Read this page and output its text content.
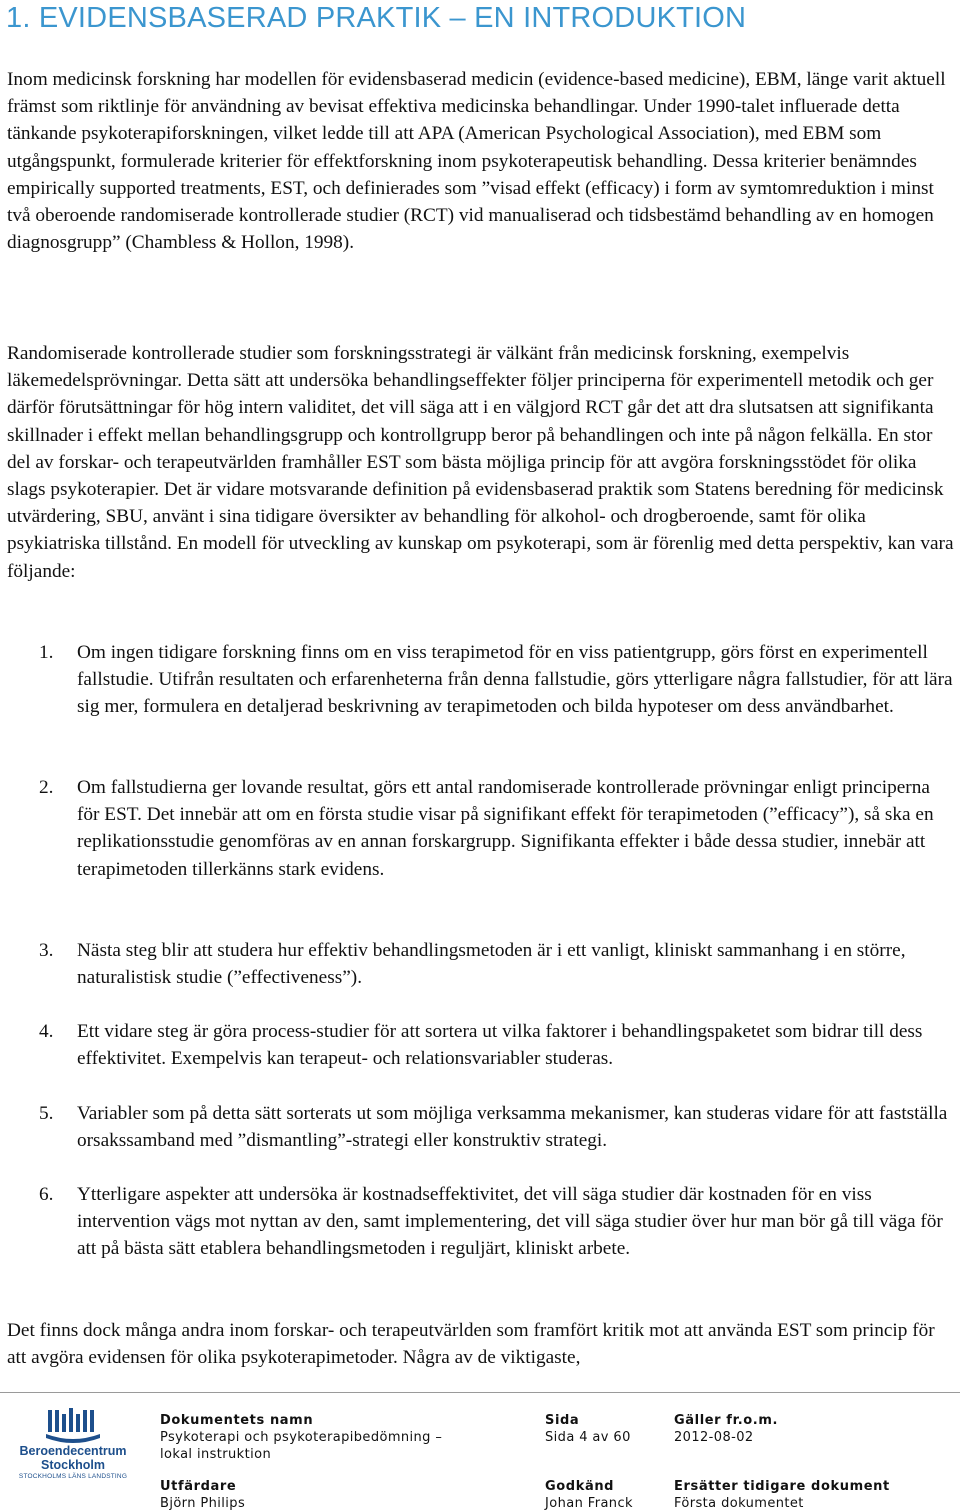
1. EVIDENSBASERAD PRAKTIK – EN INTRODUKTION
Inom medicinsk forskning har modellen för evidensbaserad medicin (evidence-based medicine), EBM, länge varit aktuell främst som riktlinje för användning av bevisat effektiva medicinska behandlingar. Under 1990-talet influerade detta tänkande psykoterapiforskningen, vilket ledde till att APA (American Psychological Association), med EBM som utgångspunkt, formulerade kriterier för effektforskning inom psykoterapeutisk behandling. Dessa kriterier benämndes empirically supported treatments, EST, och definierades som ”visad effekt (efficacy) i form av symtomreduktion i minst två oberoende randomiserade kontrollerade studier (RCT) vid manualiserad och tidsbestämd behandling av en homogen diagnosgrupp” (Chambless & Hollon, 1998).
Randomiserade kontrollerade studier som forskningsstrategi är välkänt från medicinsk forskning, exempelvis läkemedelsprövningar. Detta sätt att undersöka behandlingseffekter följer principerna för experimentell metodik och ger därför förutsättningar för hög intern validitet, det vill säga att i en välgjord RCT går det att dra slutsatsen att signifikanta skillnader i effekt mellan behandlingsgrupp och kontrollgrupp beror på behandlingen och inte på någon felkälla. En stor del av forskar- och terapeutvärlden framhåller EST som bästa möjliga princip för att avgöra forskningsstödet för olika slags psykoterapier. Det är vidare motsvarande definition på evidensbaserad praktik som Statens beredning för medicinsk utvärdering, SBU, använt i sina tidigare översikter av behandling för alkohol- och drogberoende, samt för olika psykiatriska tillstånd. En modell för utveckling av kunskap om psykoterapi, som är förenlig med detta perspektiv, kan vara följande:
1. Om ingen tidigare forskning finns om en viss terapimetod för en viss patientgrupp, görs först en experimentell fallstudie. Utifrån resultaten och erfarenheterna från denna fallstudie, görs ytterligare några fallstudier, för att lära sig mer, formulera en detaljerad beskrivning av terapimetoden och bilda hypoteser om dess användbarhet.
2. Om fallstudierna ger lovande resultat, görs ett antal randomiserade kontrollerade prövningar enligt principerna för EST. Det innebär att om en första studie visar på signifikant effekt för terapimetoden (”efficacy”), så ska en replikationsstudie genomföras av en annan forskargrupp. Signifikanta effekter i både dessa studier, innebär att terapimetoden tillerkänns stark evidens.
3. Nästa steg blir att studera hur effektiv behandlingsmetoden är i ett vanligt, kliniskt sammanhang i en större, naturalistisk studie (”effectiveness”).
4. Ett vidare steg är göra process-studier för att sortera ut vilka faktorer i behandlingspaketet som bidrar till dess effektivitet. Exempelvis kan terapeut- och relationsvariabler studeras.
5. Variabler som på detta sätt sorterats ut som möjliga verksamma mekanismer, kan studeras vidare för att fastställa orsakssamband med ”dismantling”-strategi eller konstruktiv strategi.
6. Ytterligare aspekter att undersöka är kostnadseffektivitet, det vill säga studier där kostnaden för en viss intervention vägs mot nyttan av den, samt implementering, det vill säga studier över hur man bör gå till väga för att på bästa sätt etablera behandlingsmetoden i reguljärt, kliniskt arbete.
Det finns dock många andra inom forskar- och terapeutvärlden som framfört kritik mot att använda EST som princip för att avgöra evidensen för olika psykoterapimetoder. Några av de viktigaste,
Beroendecentrum
Stockholm
STOCKHOLMS LÄNS LANDSTING
Dokumentets namn
Psykoterapi och psykoterapibedömning –
lokal instruktion
Sida
Sida 4 av 60
Gäller fr.o.m.
2012-08-02
Utfärdare
Björn Philips
Godkänd
Johan Franck
Ersätter tidigare dokument
Första dokumentet
